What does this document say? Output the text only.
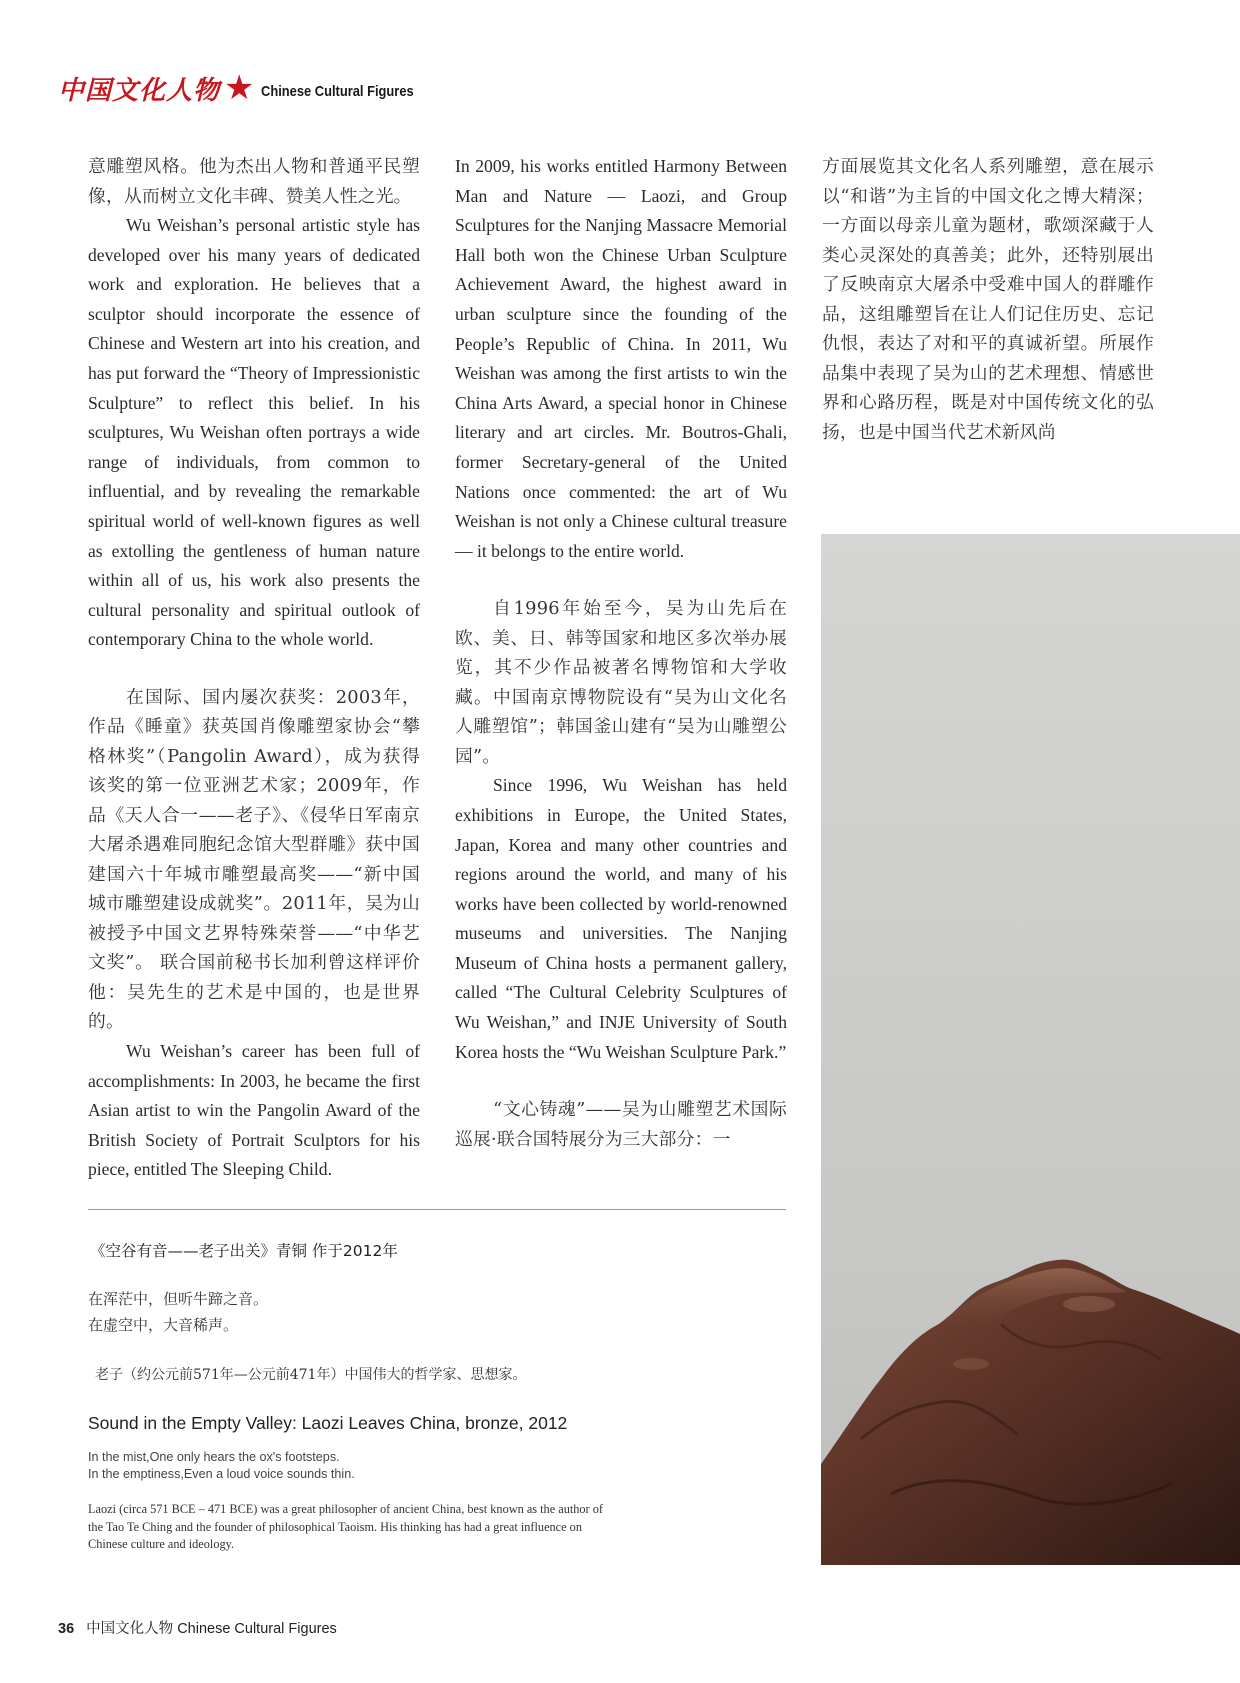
中国文化人物 ★ Chinese Cultural Figures

意雕塑风格。他为杰出人物和普通平民塑像，从而树立文化丰碑、赞美人性之光。

Wu Weishan’s personal artistic style has developed over his many years of dedicated work and exploration. He believes that a sculptor should incorporate the essence of Chinese and Western art into his creation, and has put forward the “Theory of Impressionistic Sculpture” to reflect this belief. In his sculptures, Wu Weishan often portrays a wide range of individuals, from common to influential, and by revealing the remarkable spiritual world of well-known figures as well as extolling the gentleness of human nature within all of us, his work also presents the cultural personality and spiritual outlook of contemporary China to the whole world.

在国际、国内屡次获奖：2003年，作品《睡童》获英国肖像雕塑家协会“攀格林奖”（Pangolin Award），成为获得该奖的第一位亚洲艺术家；2009年，作品《天人合一——老子》、《侵华日军南京大屠杀遇难同胞纪念馆大型群雕》获中国建国六十年城市雕塑最高奖——“新中国城市雕塑建设成就奖”。2011年，吴为山被授予中国文艺界特殊荣誉——“中华艺文奖”。 联合国前秘书长加利曾这样评价他：吴先生的艺术是中国的，也是世界的。

Wu Weishan’s career has been full of accomplishments: In 2003, he became the first Asian artist to win the Pangolin Award of the British Society of Portrait Sculptors for his piece, entitled The Sleeping Child.

In 2009, his works entitled Harmony Between Man and Nature — Laozi, and Group Sculptures for the Nanjing Massacre Memorial Hall both won the Chinese Urban Sculpture Achievement Award, the highest award in urban sculpture since the founding of the People’s Republic of China. In 2011, Wu Weishan was among the first artists to win the China Arts Award, a special honor in Chinese literary and art circles. Mr. Boutros-Ghali, former Secretary-general of the United Nations once commented: the art of Wu Weishan is not only a Chinese cultural treasure — it belongs to the entire world.

自1996年始至今，吴为山先后在欧、美、日、韩等国家和地区多次举办展览，其不少作品被著名博物馆和大学收藏。中国南京博物院设有“吴为山文化名人雕塑馆”；韩国釜山建有“吴为山雕塑公园”。

Since 1996, Wu Weishan has held exhibitions in Europe, the United States, Japan, Korea and many other countries and regions around the world, and many of his works have been collected by world-renowned museums and universities. The Nanjing Museum of China hosts a permanent gallery, called “The Cultural Celebrity Sculptures of Wu Weishan,” and INJE University of South Korea hosts the “Wu Weishan Sculpture Park.”

“文心铸魂”——吴为山雕塑艺术国际巡展·联合国特展分为三大部分：一

方面展览其文化名人系列雕塑，意在展示以“和谐”为主旨的中国文化之博大精深；一方面以母亲儿童为题材，歌颂深藏于人类心灵深处的真善美；此外，还特别展出了反映南京大屠杀中受难中国人的群雕作品，这组雕塑旨在让人们记住历史、忘记仇恨，表达了对和平的真诚祈望。所展作品集中表现了吴为山的艺术理想、情感世界和心路历程，既是对中国传统文化的弘扬，也是中国当代艺术新风尚

《空谷有音——老子出关》青铜 作于2012年
在浑茫中，但听牛蹄之音。
在虚空中，大音稀声。
老子（约公元前571年—公元前471年）中国伟大的哲学家、思想家。
Sound in the Empty Valley: Laozi Leaves China, bronze, 2012
In the mist,One only hears the ox's footsteps.
In the emptiness,Even a loud voice sounds thin.
Laozi (circa 571 BCE – 471 BCE) was a great philosopher of ancient China, best known as the author of the Tao Te Ching and the founder of philosophical Taoism. His thinking has had a great influence on Chinese culture and ideology.
36 中国文化人物 Chinese Cultural Figures
